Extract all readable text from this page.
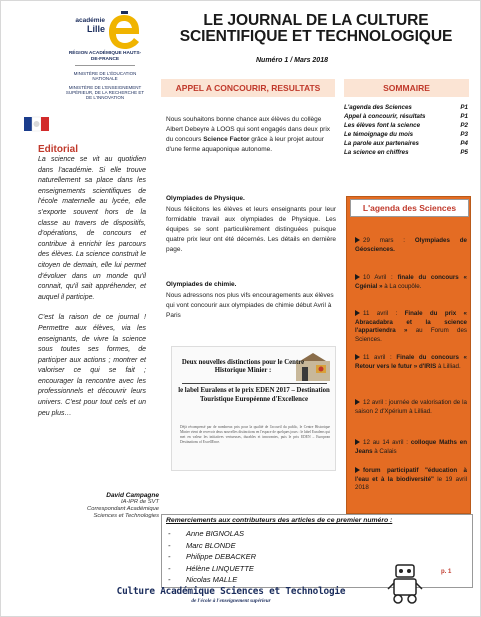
académie
Lille
RÉGION ACADÉMIQUE HAUTS-DE-FRANCE
MINISTÈRE DE L'ÉDUCATION NATIONALE
MINISTÈRE DE L'ENSEIGNEMENT SUPÉRIEUR, DE LA RECHERCHE ET DE L'INNOVATION
LE JOURNAL DE LA CULTURE SCIENTIFIQUE ET TECHNOLOGIQUE
Numéro 1 / Mars 2018
APPEL A CONCOURIR, RESULTATS	SOMMAIRE
L'agenda des Sciences	P1
Appel à concourir, résultats	P1
Les élèves font la science	P2
Le témoignage du mois	P3
La parole aux partenaires	P4
La science en chiffres	P5
Editorial

La science se vit au quotidien dans l'académie. Si elle trouve naturellement sa place dans les enseignements scientifiques de l'école maternelle au lycée, elle s'exporte souvent hors de la classe au travers de dispositifs, d'opérations, de concours et contribue à enrichir les parcours des élèves. La science construit le citoyen de demain, elle lui permet d'évoluer dans un monde qu'il connait, qu'il sait appréhender, et auquel il participe.

C'est la raison de ce journal ! Permettre aux élèves, via les enseignants, de vivre la science sous toutes ses formes, de participer aux actions ; montrer et valoriser ce qui se fait ; encourager la rencontre avec les professionnels et découvrir leurs univers. C'est pour tout cels et un peu plus…

David Campagne
IA-IPR de SVT
Correspondant Académique
Sciences et Technologies
Nous souhaitons bonne chance aux élèves du collège Albert Debeyre à LOOS qui sont engagés dans deux prix du concours Science Factor grâce à leur projet autour d'une ferme aquaponique autonome.
Olympiades de Physique.
Nous félicitons les élèves et leurs enseignants pour leur formidable travail aux olympiades de Physique. Les équipes se sont particulièrement distinguées puisque quatre prix leur ont été décernés. Les détails en dernière page.
Olympiades de chimie.
Nous adressons nos plus vifs encouragements aux élèves qui vont concourir aux olympiades de chimie début Avril à Paris
Deux nouvelles distinctions pour le Centre Historique Minier :
le label Euralens et le prix EDEN 2017 – Destination Touristique Européenne d'Excellence
Déjà récompensé par de nombreux prix pour la qualité de l'accueil du public, le Centre Historique Minier vient de recevoir deux nouvelles distinctions en l'espace de quelques jours : le label Euralens qui met en valeur les initiatives vertueuses, durables et innovantes, puis le prix EDEN – European Destinations of ExcellEnce.
L'agenda des Sciences
29 mars : Olympiades de Géosciences.
10 Avril : finale du concours « Cgénial » à La coupôle.
11 avril : Finale du prix « Abracadabra et la science l'appartiendra » au Forum des Sciences.
11 avril : Finale du concours « Retour vers le futur » d'IRIS à Lilliad.
12 avril : journée de valorisation de la saison 2 d'Xpérium à Lilliad.
12 au 14 avril : colloque Maths en Jeans à Calais
forum participatif "éducation à l'eau et à la biodiversité" le 19 avril 2018
Remerciements aux contributeurs des articles de ce premier numéro :
- Anne BIGNOLAS
- Marc BLONDE
- Philippe DEBACKER
- Hélène LINQUETTE
- Nicolas MALLE
p. 1
Culture Académique Sciences et Technologie
de l'école à l'enseignement supérieur
